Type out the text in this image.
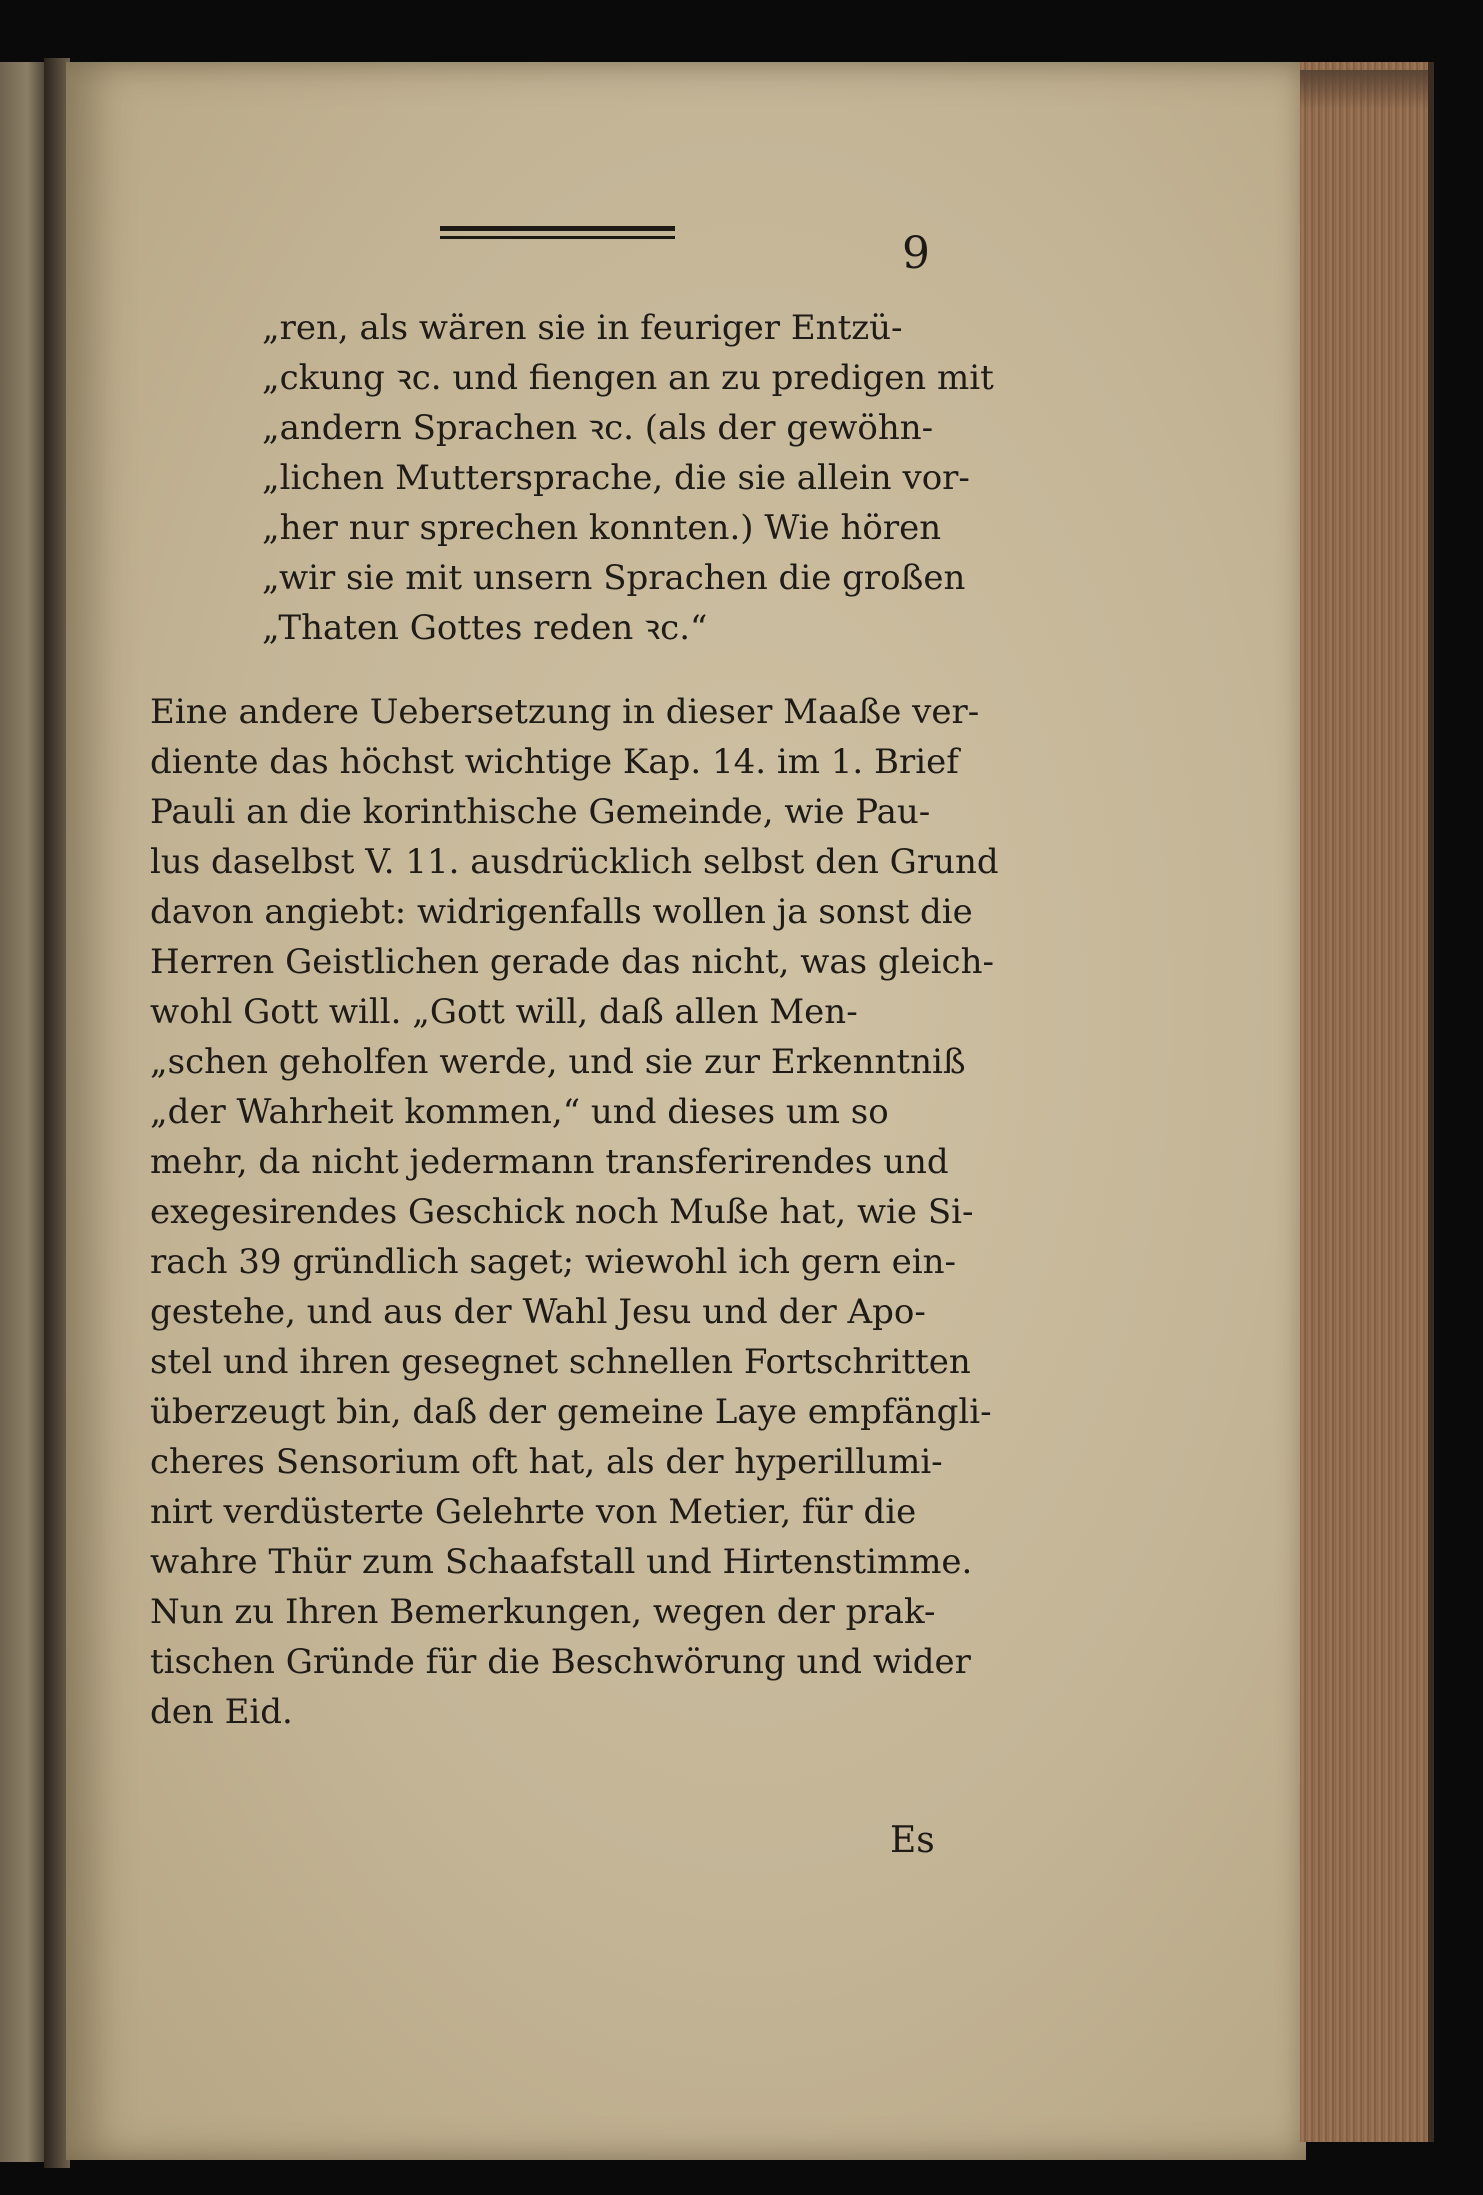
9
„ren, als wären sie in feuriger Entzü-
„ckung ꝛc. und fiengen an zu predigen mit
„andern Sprachen ꝛc. (als der gewöhn-
„lichen Muttersprache, die sie allein vor-
„her nur sprechen konnten.) Wie hören
„wir sie mit unsern Sprachen die großen
„Thaten Gottes reden ꝛc.“
Eine andere Uebersetzung in dieser Maaße ver-
diente das höchst wichtige Kap. 14. im 1. Brief
Pauli an die korinthische Gemeinde, wie Pau-
lus daselbst V. 11. ausdrücklich selbst den Grund
davon angiebt: widrigenfalls wollen ja sonst die
Herren Geistlichen gerade das nicht, was gleich-
wohl Gott will. „Gott will, daß allen Men-
„schen geholfen werde, und sie zur Erkenntniß
„der Wahrheit kommen,“ und dieses um so
mehr, da nicht jedermann transferirendes und
exegesirendes Geschick noch Muße hat, wie Si-
rach 39 gründlich saget; wiewohl ich gern ein-
gestehe, und aus der Wahl Jesu und der Apo-
stel und ihren gesegnet schnellen Fortschritten
überzeugt bin, daß der gemeine Laye empfängli-
cheres Sensorium oft hat, als der hyperillumi-
nirt verdüsterte Gelehrte von Metier, für die
wahre Thür zum Schaafstall und Hirtenstimme.
Nun zu Ihren Bemerkungen, wegen der prak-
tischen Gründe für die Beschwörung und wider
den Eid.
Es
